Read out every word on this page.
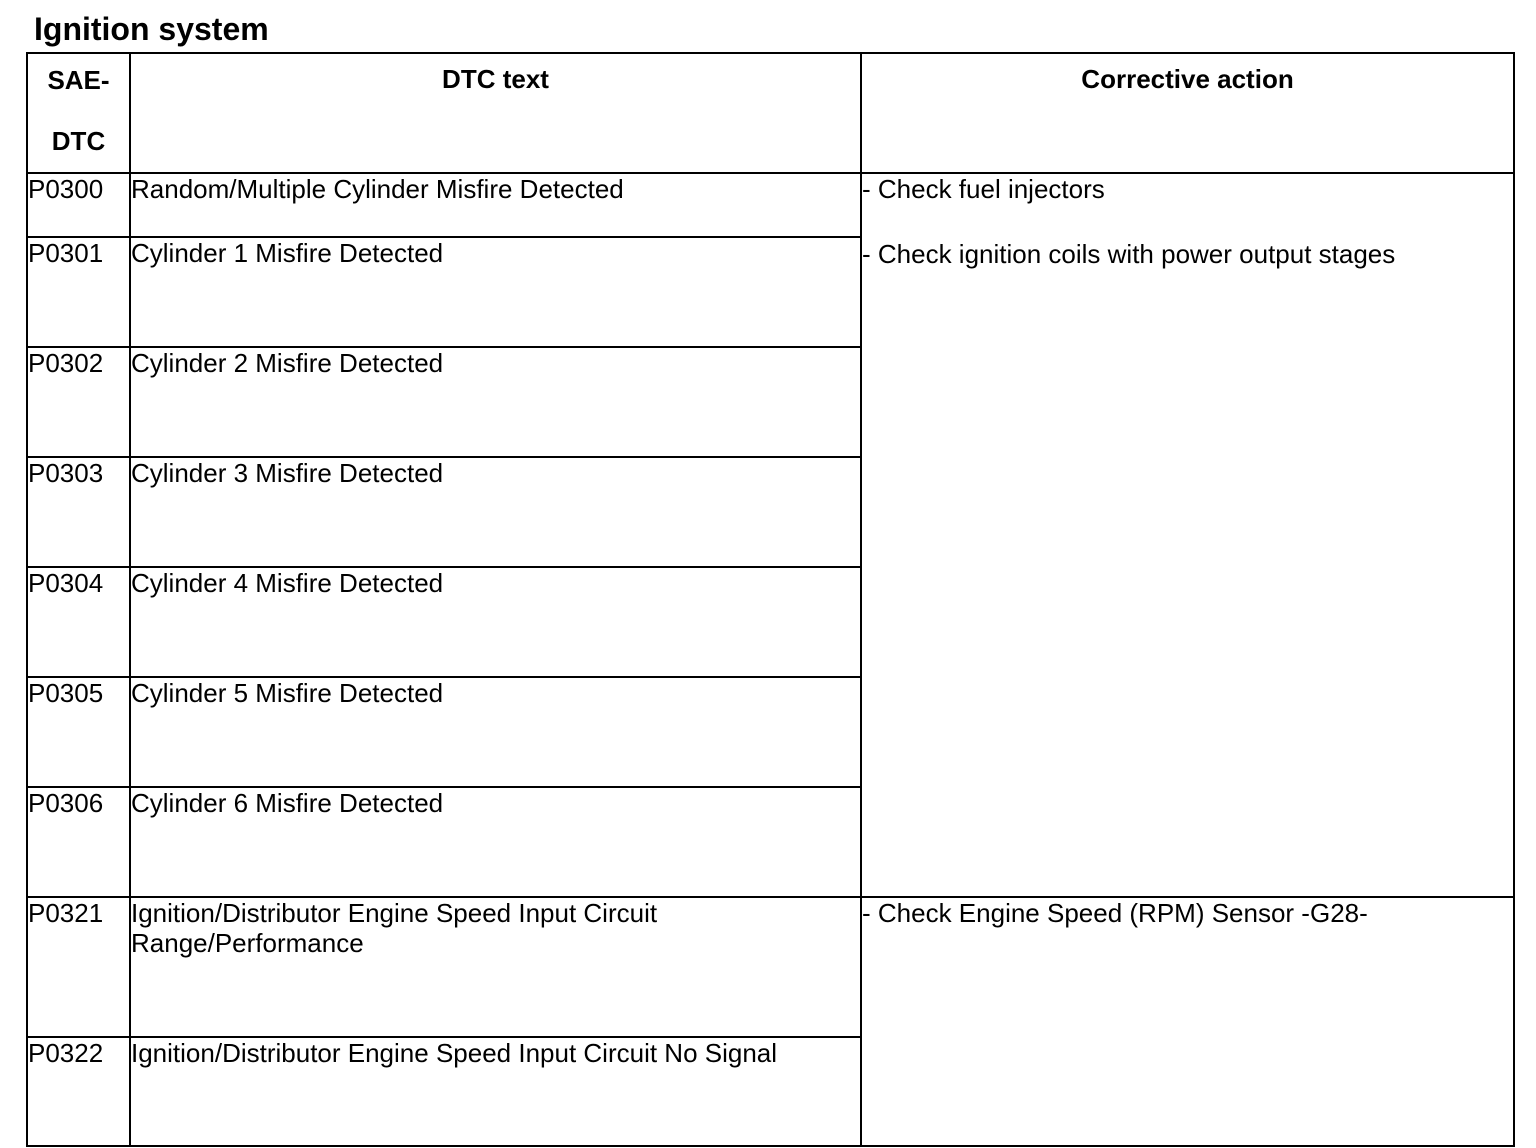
Ignition system
SAE-DTC	DTC text	Corrective action
P0300	Random/Multiple Cylinder Misfire Detected	- Check fuel injectors
- Check ignition coils with power output stages

P0301	Cylinder 1 Misfire Detected	
P0302	Cylinder 2 Misfire Detected	
P0303	Cylinder 3 Misfire Detected	
P0304	Cylinder 4 Misfire Detected	
P0305	Cylinder 5 Misfire Detected	
P0306	Cylinder 6 Misfire Detected	
P0321	Ignition/Distributor Engine Speed Input Circuit Range/Performance	- Check Engine Speed (RPM) Sensor -G28-

P0322	Ignition/Distributor Engine Speed Input Circuit No Signal	
